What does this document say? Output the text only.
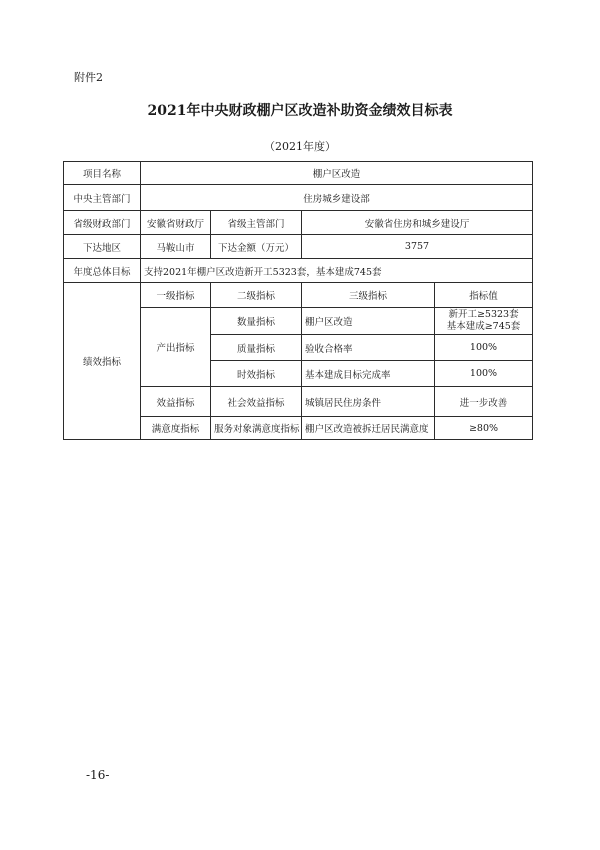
附件2
2021年中央财政棚户区改造补助资金绩效目标表
（2021年度）
项目名称	棚户区改造			
中央主管部门	住房城乡建设部			
省级财政部门	安徽省财政厅	省级主管部门	安徽省住房和城乡建设厅	
下达地区	马鞍山市	下达金额（万元）	3757	
年度总体目标	支持2021年棚户区改造新开工5323套，基本建成745套			
绩效指标	一级指标	二级指标	三级指标	指标值
	产出指标	数量指标	棚户区改造	新开工≥5323套
基本建成≥745套

		质量指标	验收合格率	100%
		时效指标	基本建成目标完成率	100%
	效益指标	社会效益指标	城镇居民住房条件	进一步改善
	满意度指标	服务对象满意度指标	棚户区改造被拆迁居民满意度	≥80%
-16-
